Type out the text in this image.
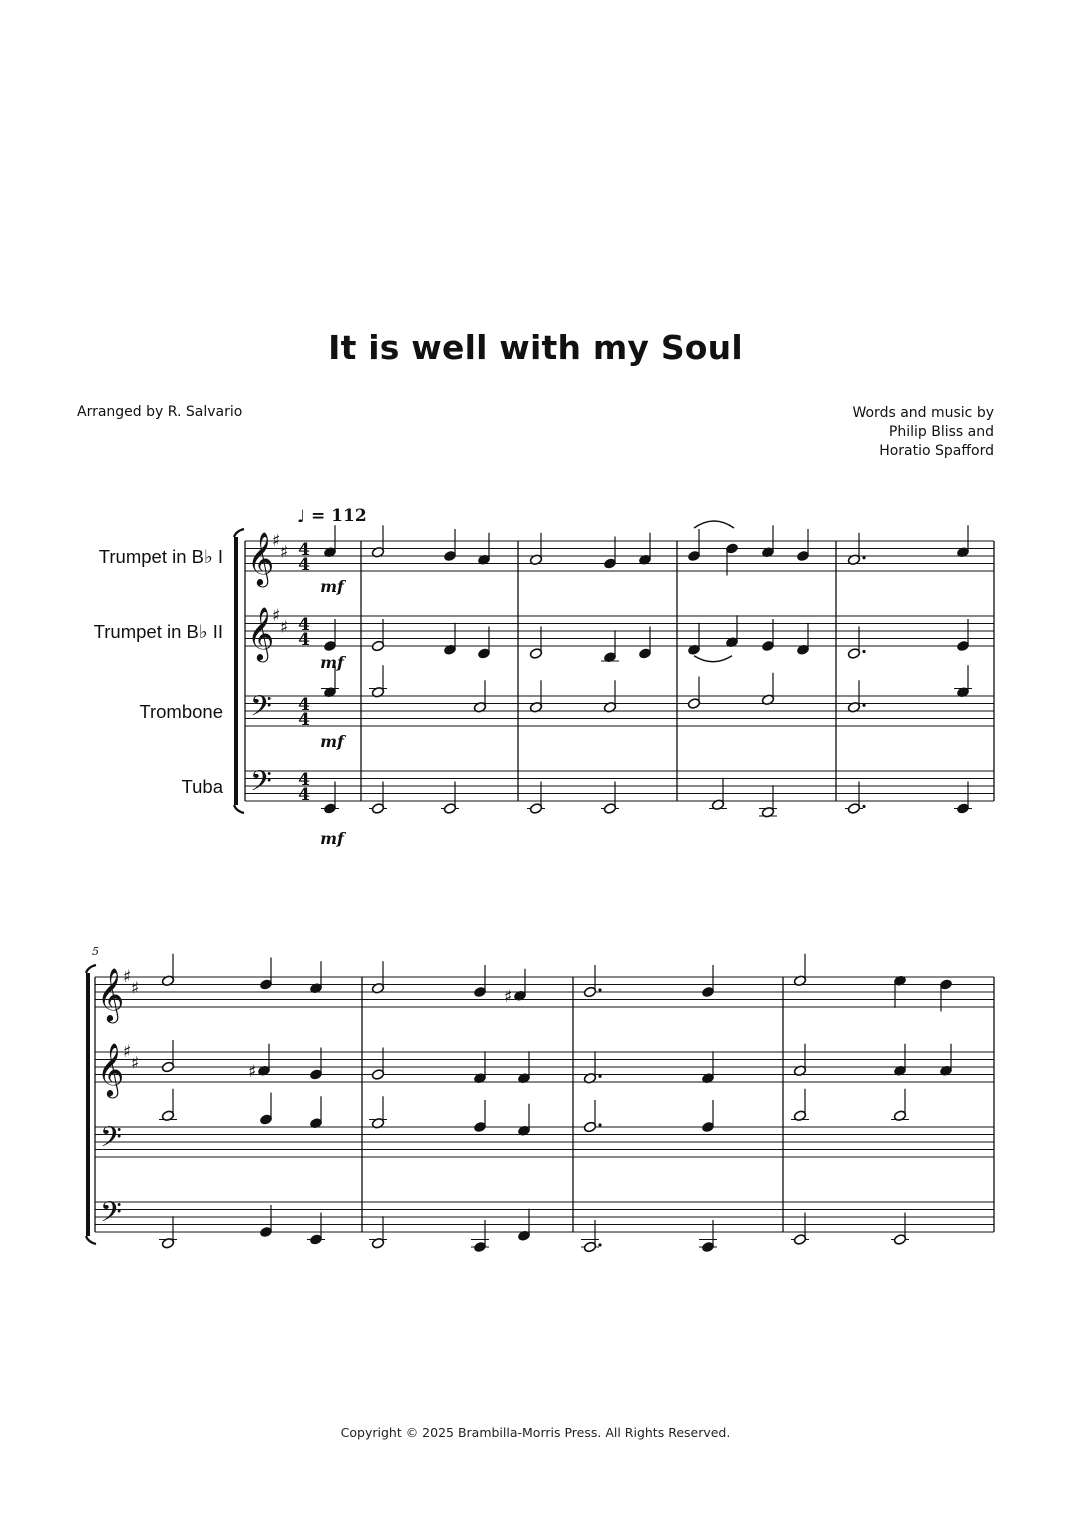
It is well with my Soul
Arranged by R. Salvario	Words and music by
Philip Bliss and
Horatio Spafford
Trumpet in B♭ I
Trumpet in B♭ II
Trombone
Tuba
♩ = 112
5
𝄞
𝄞
𝄢
𝄢
♯
♯
♯
♯
4
4
4
4
4
4
4
4
mf
mf
mf
mf
𝄞
𝄞
𝄢
𝄢
♯
♯
♯
♯
♯
♯
Copyright © 2025 Brambilla-Morris Press. All Rights Reserved.
